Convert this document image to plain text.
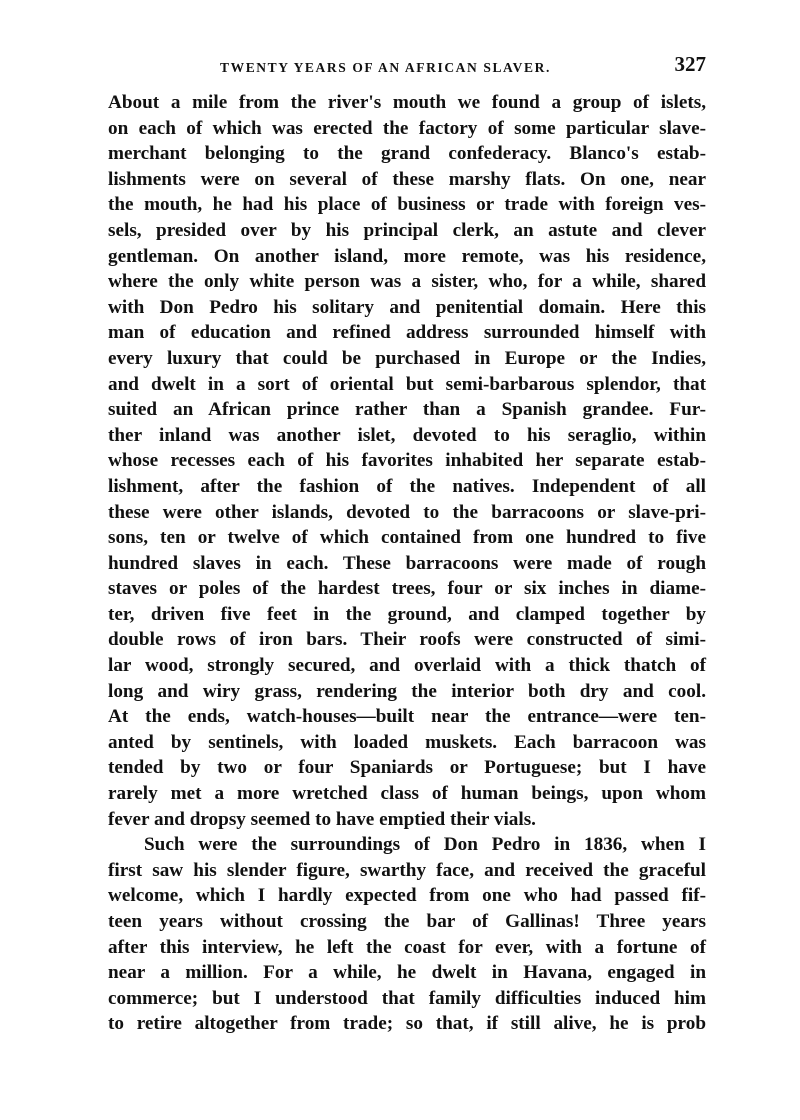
TWENTY YEARS OF AN AFRICAN SLAVER.	327
About a mile from the river's mouth we found a group of islets,
on each of which was erected the factory of some particular slave-
merchant belonging to the grand confederacy. Blanco's estab-
lishments were on several of these marshy flats. On one, near
the mouth, he had his place of business or trade with foreign ves-
sels, presided over by his principal clerk, an astute and clever
gentleman. On another island, more remote, was his residence,
where the only white person was a sister, who, for a while, shared
with Don Pedro his solitary and penitential domain. Here this
man of education and refined address surrounded himself with
every luxury that could be purchased in Europe or the Indies,
and dwelt in a sort of oriental but semi-barbarous splendor, that
suited an African prince rather than a Spanish grandee. Fur-
ther inland was another islet, devoted to his seraglio, within
whose recesses each of his favorites inhabited her separate estab-
lishment, after the fashion of the natives. Independent of all
these were other islands, devoted to the barracoons or slave-pri-
sons, ten or twelve of which contained from one hundred to five
hundred slaves in each. These barracoons were made of rough
staves or poles of the hardest trees, four or six inches in diame-
ter, driven five feet in the ground, and clamped together by
double rows of iron bars. Their roofs were constructed of simi-
lar wood, strongly secured, and overlaid with a thick thatch of
long and wiry grass, rendering the interior both dry and cool.
At the ends, watch-houses—built near the entrance—were ten-
anted by sentinels, with loaded muskets. Each barracoon was
tended by two or four Spaniards or Portuguese; but I have
rarely met a more wretched class of human beings, upon whom
fever and dropsy seemed to have emptied their vials.
Such were the surroundings of Don Pedro in 1836, when I
first saw his slender figure, swarthy face, and received the graceful
welcome, which I hardly expected from one who had passed fif-
teen years without crossing the bar of Gallinas! Three years
after this interview, he left the coast for ever, with a fortune of
near a million. For a while, he dwelt in Havana, engaged in
commerce; but I understood that family difficulties induced him
to retire altogether from trade; so that, if still alive, he is prob
